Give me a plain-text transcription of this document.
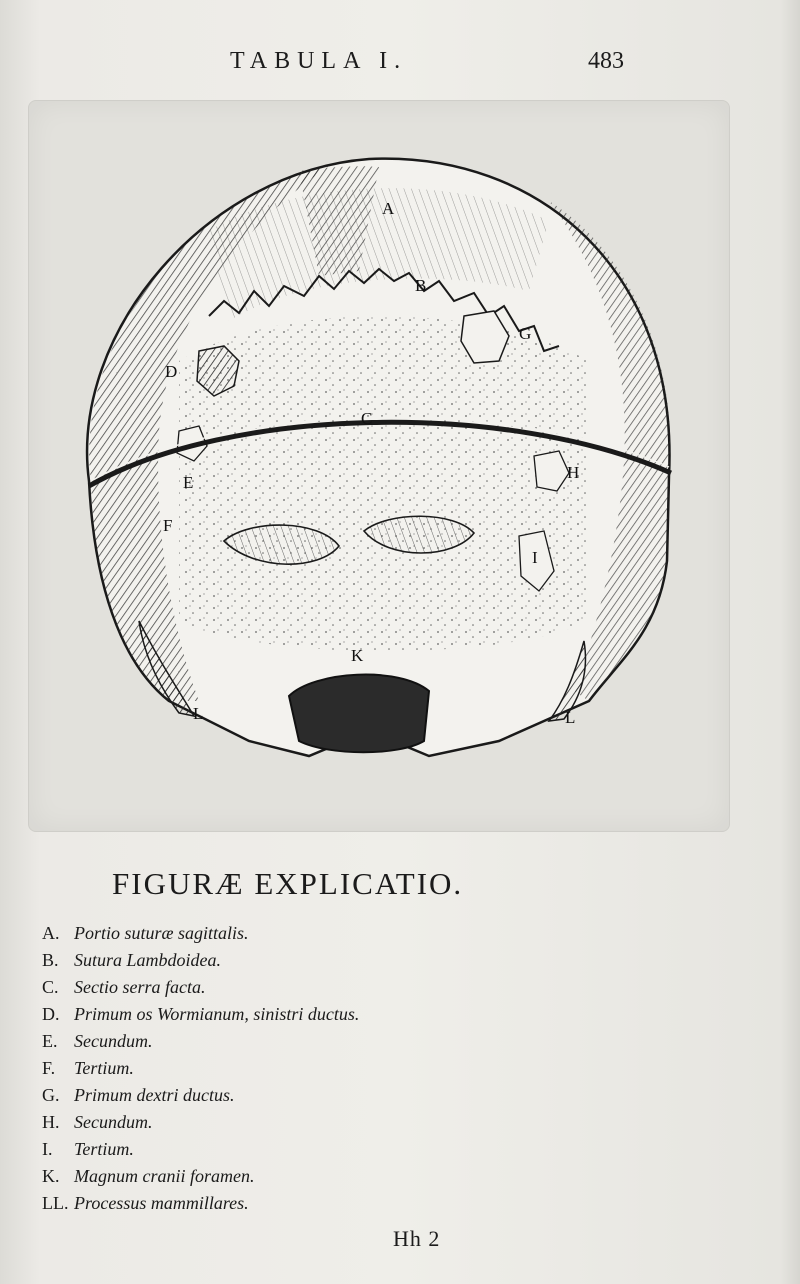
TABULA I.	483
A
B
C
D
E
F
G
H
I
K
L	L
FIGURÆ EXPLICATIO.
A. Portio suturæ sagittalis.
B. Sutura Lambdoidea.
C. Sectio serra facta.
D. Primum os Wormianum, sinistri ductus.
E. Secundum.
F. Tertium.
G. Primum dextri ductus.
H. Secundum.
I. Tertium.
K. Magnum cranii foramen.
LL. Processus mammillares.
Hh 2
